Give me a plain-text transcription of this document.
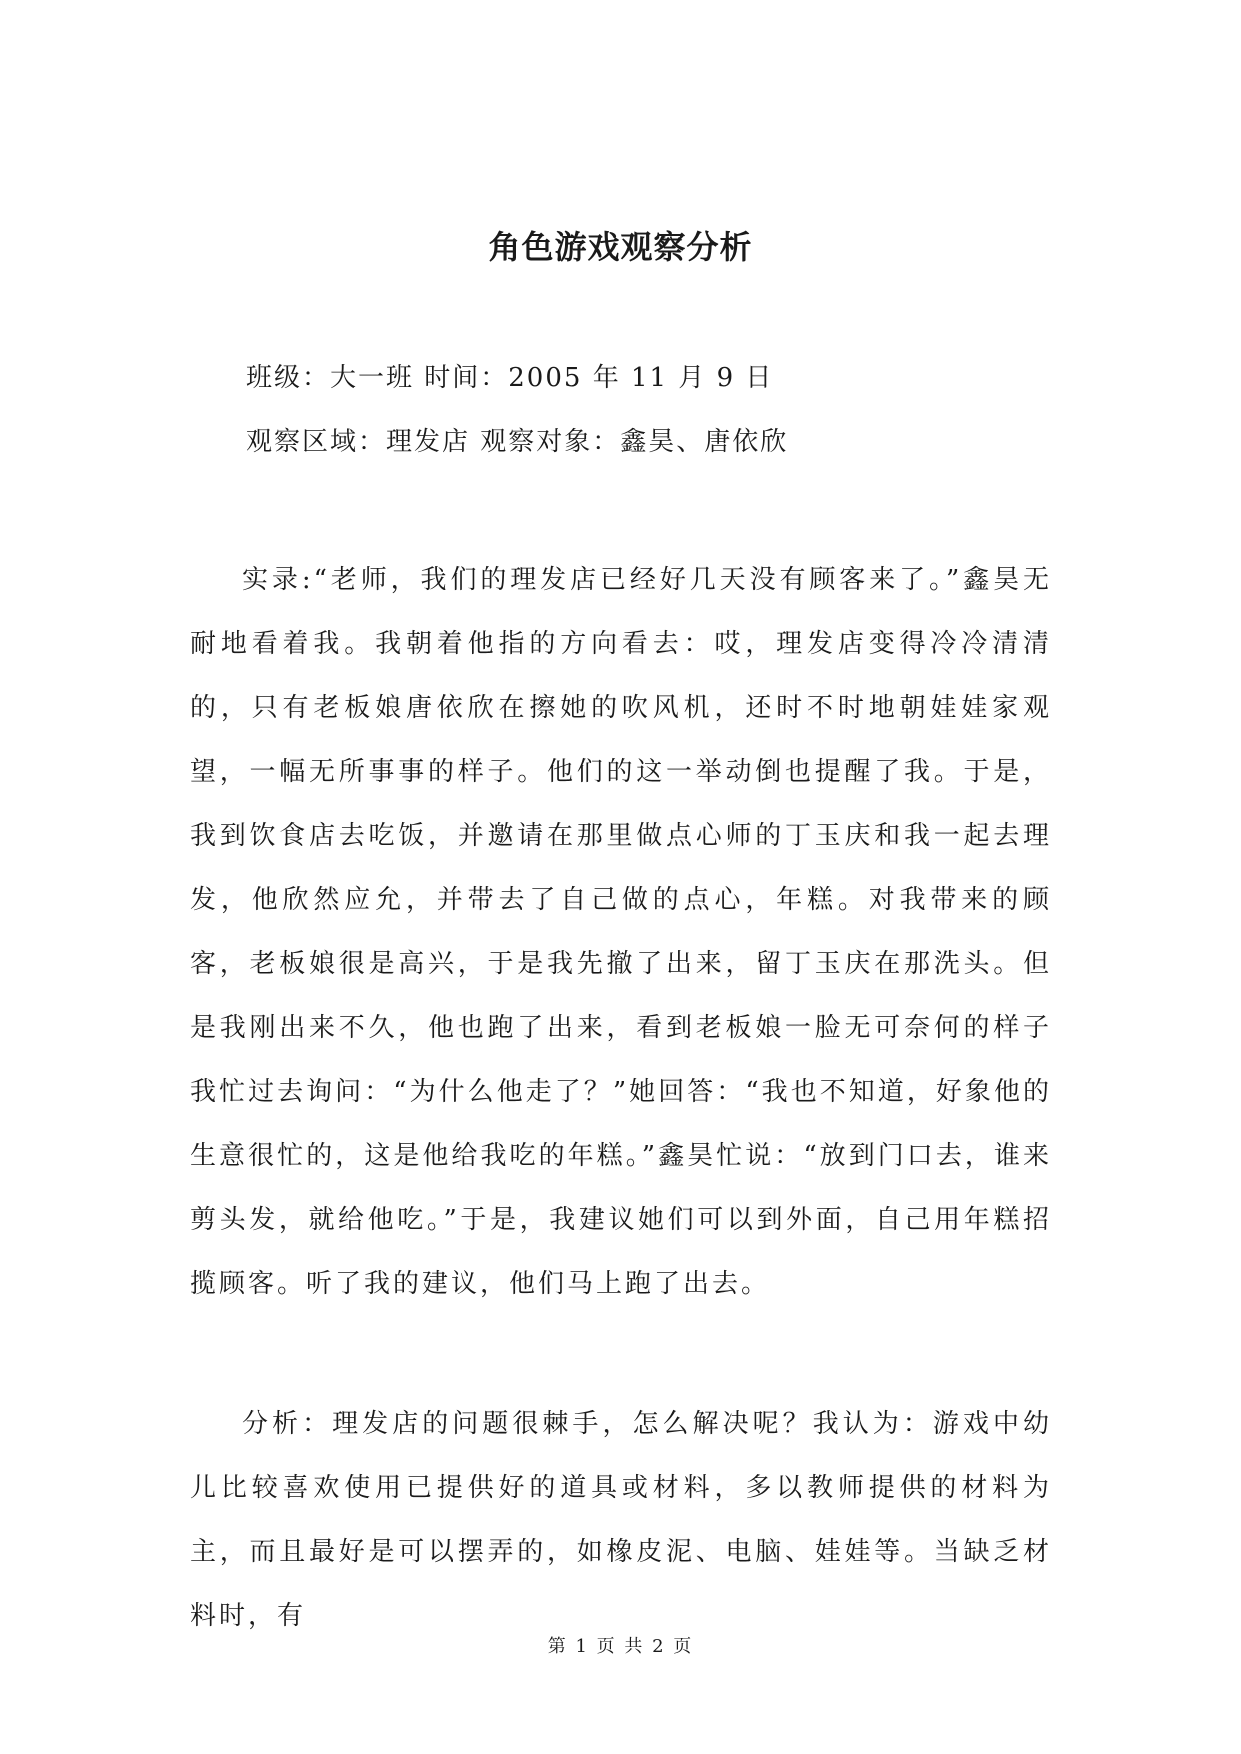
角色游戏观察分析
班级：大一班 时间：2005 年 11 月 9 日
观察区域：理发店 观察对象：鑫昊、唐依欣

实录:“老师，我们的理发店已经好几天没有顾客来了。”鑫昊无耐地看着我。我朝着他指的方向看去：哎，理发店变得冷冷清清的，只有老板娘唐依欣在擦她的吹风机，还时不时地朝娃娃家观望，一幅无所事事的样子。他们的这一举动倒也提醒了我。于是，我到饮食店去吃饭，并邀请在那里做点心师的丁玉庆和我一起去理发，他欣然应允，并带去了自己做的点心，年糕。对我带来的顾客，老板娘很是高兴，于是我先撤了出来，留丁玉庆在那洗头。但是我刚出来不久，他也跑了出来，看到老板娘一脸无可奈何的样子我忙过去询问：“为什么他走了？”她回答：“我也不知道，好象他的生意很忙的，这是他给我吃的年糕。”鑫昊忙说：“放到门口去，谁来剪头发，就给他吃。”于是，我建议她们可以到外面，自己用年糕招揽顾客。听了我的建议，他们马上跑了出去。

分析：理发店的问题很棘手，怎么解决呢？我认为：游戏中幼儿比较喜欢使用已提供好的道具或材料，多以教师提供的材料为主，而且最好是可以摆弄的，如橡皮泥、电脑、娃娃等。当缺乏材料时，有

第 1 页 共 2 页
